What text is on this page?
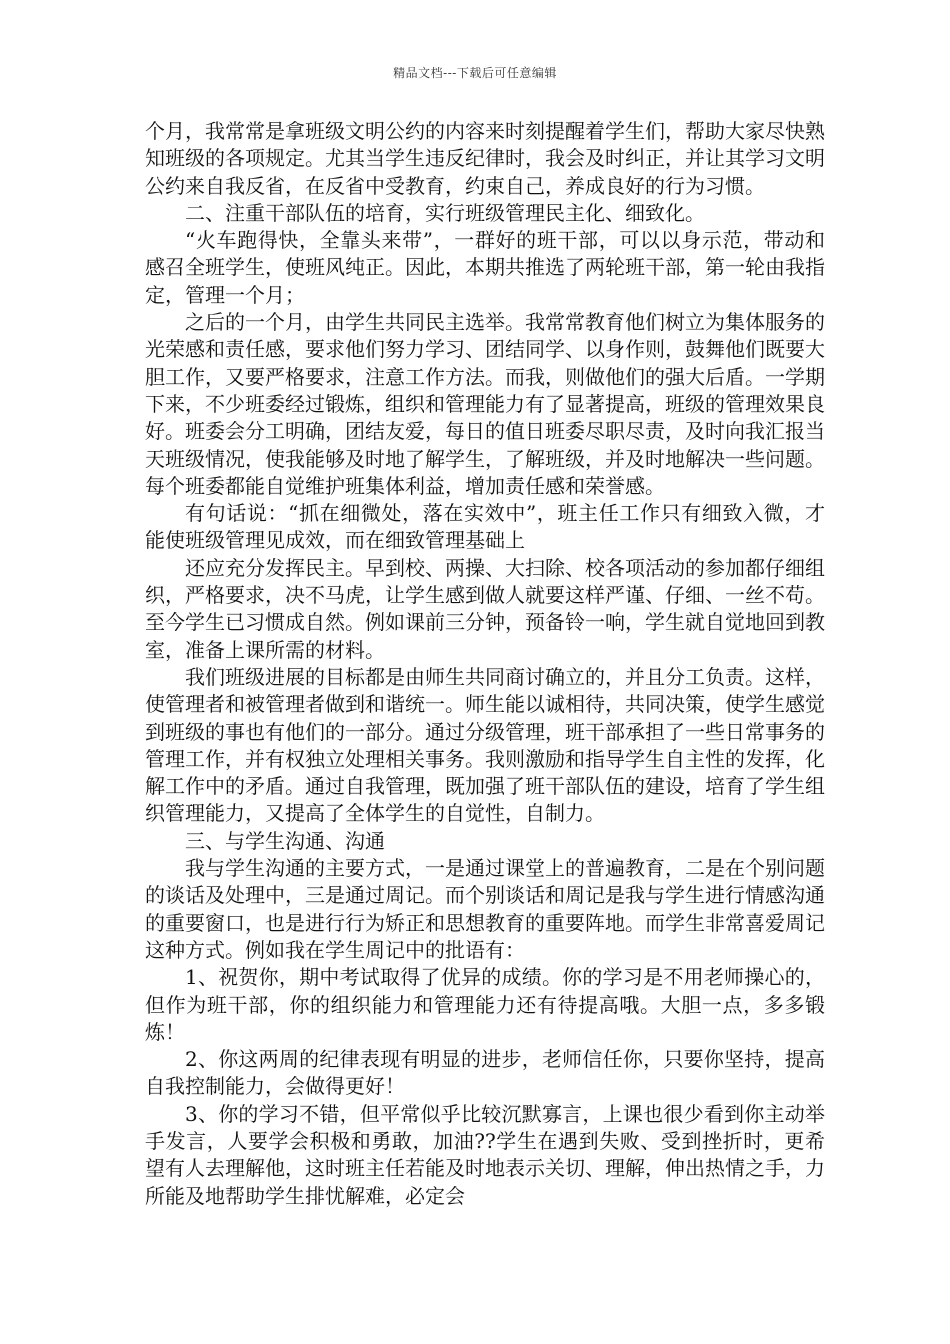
精品文档---下载后可任意编辑

个月，我常常是拿班级文明公约的内容来时刻提醒着学生们，帮助大家尽快熟知班级的各项规定。尤其当学生违反纪律时，我会及时纠正，并让其学习文明公约来自我反省，在反省中受教育，约束自己，养成良好的行为习惯。

二、注重干部队伍的培育，实行班级管理民主化、细致化。

“火车跑得快，全靠头来带”，一群好的班干部，可以以身示范，带动和感召全班学生，使班风纯正。因此，本期共推选了两轮班干部，第一轮由我指定，管理一个月；

之后的一个月，由学生共同民主选举。我常常教育他们树立为集体服务的光荣感和责任感，要求他们努力学习、团结同学、以身作则，鼓舞他们既要大胆工作，又要严格要求，注意工作方法。而我，则做他们的强大后盾。一学期下来，不少班委经过锻炼，组织和管理能力有了显著提高，班级的管理效果良好。班委会分工明确，团结友爱，每日的值日班委尽职尽责，及时向我汇报当天班级情况，使我能够及时地了解学生，了解班级，并及时地解决一些问题。每个班委都能自觉维护班集体利益，增加责任感和荣誉感。

有句话说：“抓在细微处，落在实效中”，班主任工作只有细致入微，才能使班级管理见成效，而在细致管理基础上

还应充分发挥民主。早到校、两操、大扫除、校各项活动的参加都仔细组织，严格要求，决不马虎，让学生感到做人就要这样严谨、仔细、一丝不苟。至今学生已习惯成自然。例如课前三分钟，预备铃一响，学生就自觉地回到教室，准备上课所需的材料。

我们班级进展的目标都是由师生共同商讨确立的，并且分工负责。这样，使管理者和被管理者做到和谐统一。师生能以诚相待，共同决策，使学生感觉到班级的事也有他们的一部分。通过分级管理，班干部承担了一些日常事务的管理工作，并有权独立处理相关事务。我则激励和指导学生自主性的发挥，化解工作中的矛盾。通过自我管理，既加强了班干部队伍的建设，培育了学生组织管理能力，又提高了全体学生的自觉性，自制力。

三、与学生沟通、沟通

我与学生沟通的主要方式，一是通过课堂上的普遍教育，二是在个别问题的谈话及处理中，三是通过周记。而个别谈话和周记是我与学生进行情感沟通的重要窗口，也是进行行为矫正和思想教育的重要阵地。而学生非常喜爱周记这种方式。例如我在学生周记中的批语有：

1、祝贺你，期中考试取得了优异的成绩。你的学习是不用老师操心的，但作为班干部，你的组织能力和管理能力还有待提高哦。大胆一点，多多锻炼！

2、你这两周的纪律表现有明显的进步，老师信任你，只要你坚持，提高自我控制能力，会做得更好！

3、你的学习不错，但平常似乎比较沉默寡言，上课也很少看到你主动举手发言，人要学会积极和勇敢，加油??学生在遇到失败、受到挫折时，更希望有人去理解他，这时班主任若能及时地表示关切、理解，伸出热情之手，力所能及地帮助学生排忧解难，必定会
